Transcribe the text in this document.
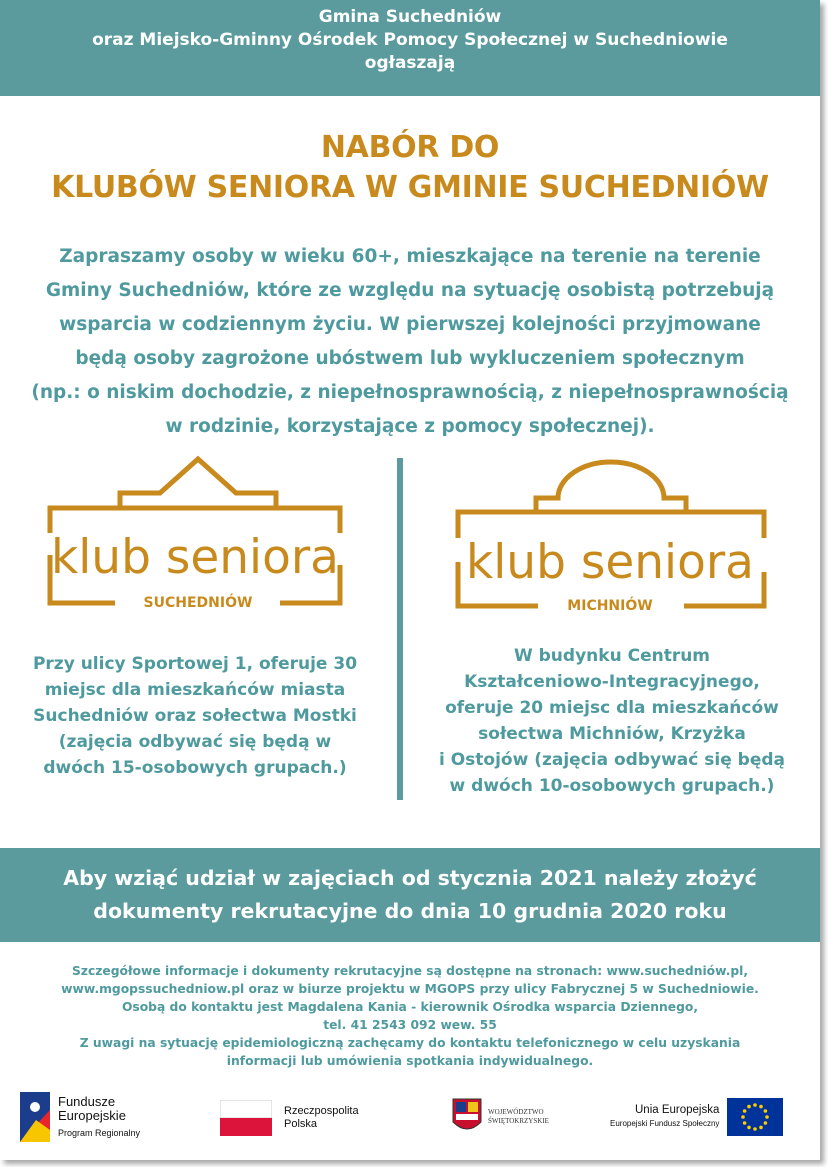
Gmina Suchedniów
oraz Miejsko-Gminny Ośrodek Pomocy Społecznej w Suchedniowie
ogłaszają
NABÓR DO
KLUBÓW SENIORA W GMINIE SUCHEDNIÓW
Zapraszamy osoby w wieku 60+, mieszkające na terenie na terenie
Gminy Suchedniów, które ze względu na sytuację osobistą potrzebują
wsparcia w codziennym życiu. W pierwszej kolejności przyjmowane
będą osoby zagrożone ubóstwem lub wykluczeniem społecznym
(np.: o niskim dochodzie, z niepełnosprawnością, z niepełnosprawnością
w rodzinie, korzystające z pomocy społecznej).
klub seniora
SUCHEDNIÓW
klub seniora
MICHNIÓW
Przy ulicy Sportowej 1, oferuje 30
miejsc dla mieszkańców miasta
Suchedniów oraz sołectwa Mostki
(zajęcia odbywać się będą w
dwóch 15-osobowych grupach.)
W budynku Centrum
Kształceniowo-Integracyjnego,
oferuje 20 miejsc dla mieszkańców
sołectwa Michniów, Krzyżka
i Ostojów (zajęcia odbywać się będą
w dwóch 10-osobowych grupach.)
Aby wziąć udział w zajęciach od stycznia 2021 należy złożyć
dokumenty rekrutacyjne do dnia 10 grudnia 2020 roku
Szczegółowe informacje i dokumenty rekrutacyjne są dostępne na stronach: www.suchedniów.pl,
www.mgopssuchedniow.pl oraz w biurze projektu w MGOPS przy ulicy Fabrycznej 5 w Suchedniowie.
Osobą do kontaktu jest Magdalena Kania - kierownik Ośrodka wsparcia Dziennego,
tel. 41 2543 092 wew. 55
Z uwagi na sytuację epidemiologiczną zachęcamy do kontaktu telefonicznego w celu uzyskania
informacji lub umówienia spotkania indywidualnego.
Fundusze
Europejskie
Program Regionalny
Rzeczpospolita
Polska
WOJEWÓDZTWO
ŚWIĘTOKRZYSKIE
Unia Europejska
Europejski Fundusz Społeczny
